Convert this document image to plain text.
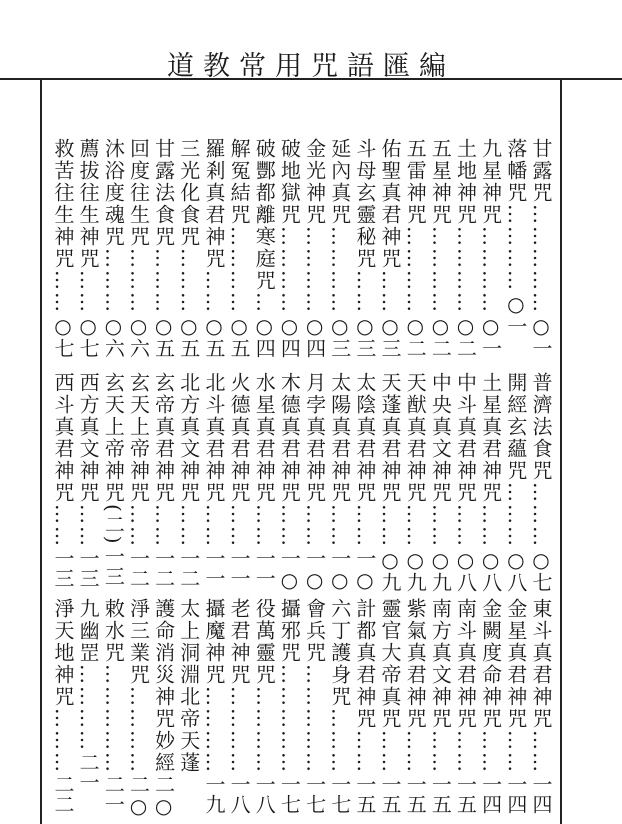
道教常用咒語匯編
甘露咒……………
○一
落幡咒…………
○一
九星神咒…………
○一
土地神咒…………
○二
五星神咒…………
○二
五雷神咒…………
○二
佑聖真君神咒……
○三
斗母玄靈秘咒……
○三
延內真咒…………
○三
金光神咒…………
○四
破地獄咒…………
○四
破酆都離寒庭咒…
○四
解冤結咒…………
○五
羅剎真君神咒……
○五
三光化食咒………
○五
甘露法食咒………
○五
回度往生咒………
○六
沐浴度魂咒………
○六
薦拔往生神咒……
○七
救苦往生神咒……
○七
普濟法食咒………
○七
開經玄蘊咒………
○八
土星真君神咒……
○八
中斗真君神咒……
○八
中央真文神咒……
○九
天猷真君神咒……
○九
天蓬真君神咒……
○九
太陰真君神咒……
一○
太陽真君神咒……
一○
月孛真君神咒……
一○
木德真君神咒……
一○
水星真君神咒……
一一
火德真君神咒……
一一
北斗真君神咒……
一一
北方真文神咒……
一二
玄帝真君神咒……
一二
玄天上帝神咒……
一二
玄天上帝神咒(二)
一三
西方真文神咒……
一三
西斗真君神咒……
一三
東斗真君神咒……
一四
金星真君神咒……
一四
金闕度命神咒……
一四
南斗真君神咒……
一五
南方真文神咒……
一五
紫氣真君神咒……
一五
靈官大帝真咒……
一五
計都真君神咒……
一五
六丁護身咒………
一七
會兵咒……………
一七
攝邪咒……………
一七
役萬靈咒…………
一八
老君神咒…………
一八
攝魔神咒…………
一九
太上洞淵北帝天蓬
護命消災神咒妙經
二○
淨三業咒…………
二○
敕水咒……………
二一
九幽罡…………
二一
淨天地神咒………
二二
